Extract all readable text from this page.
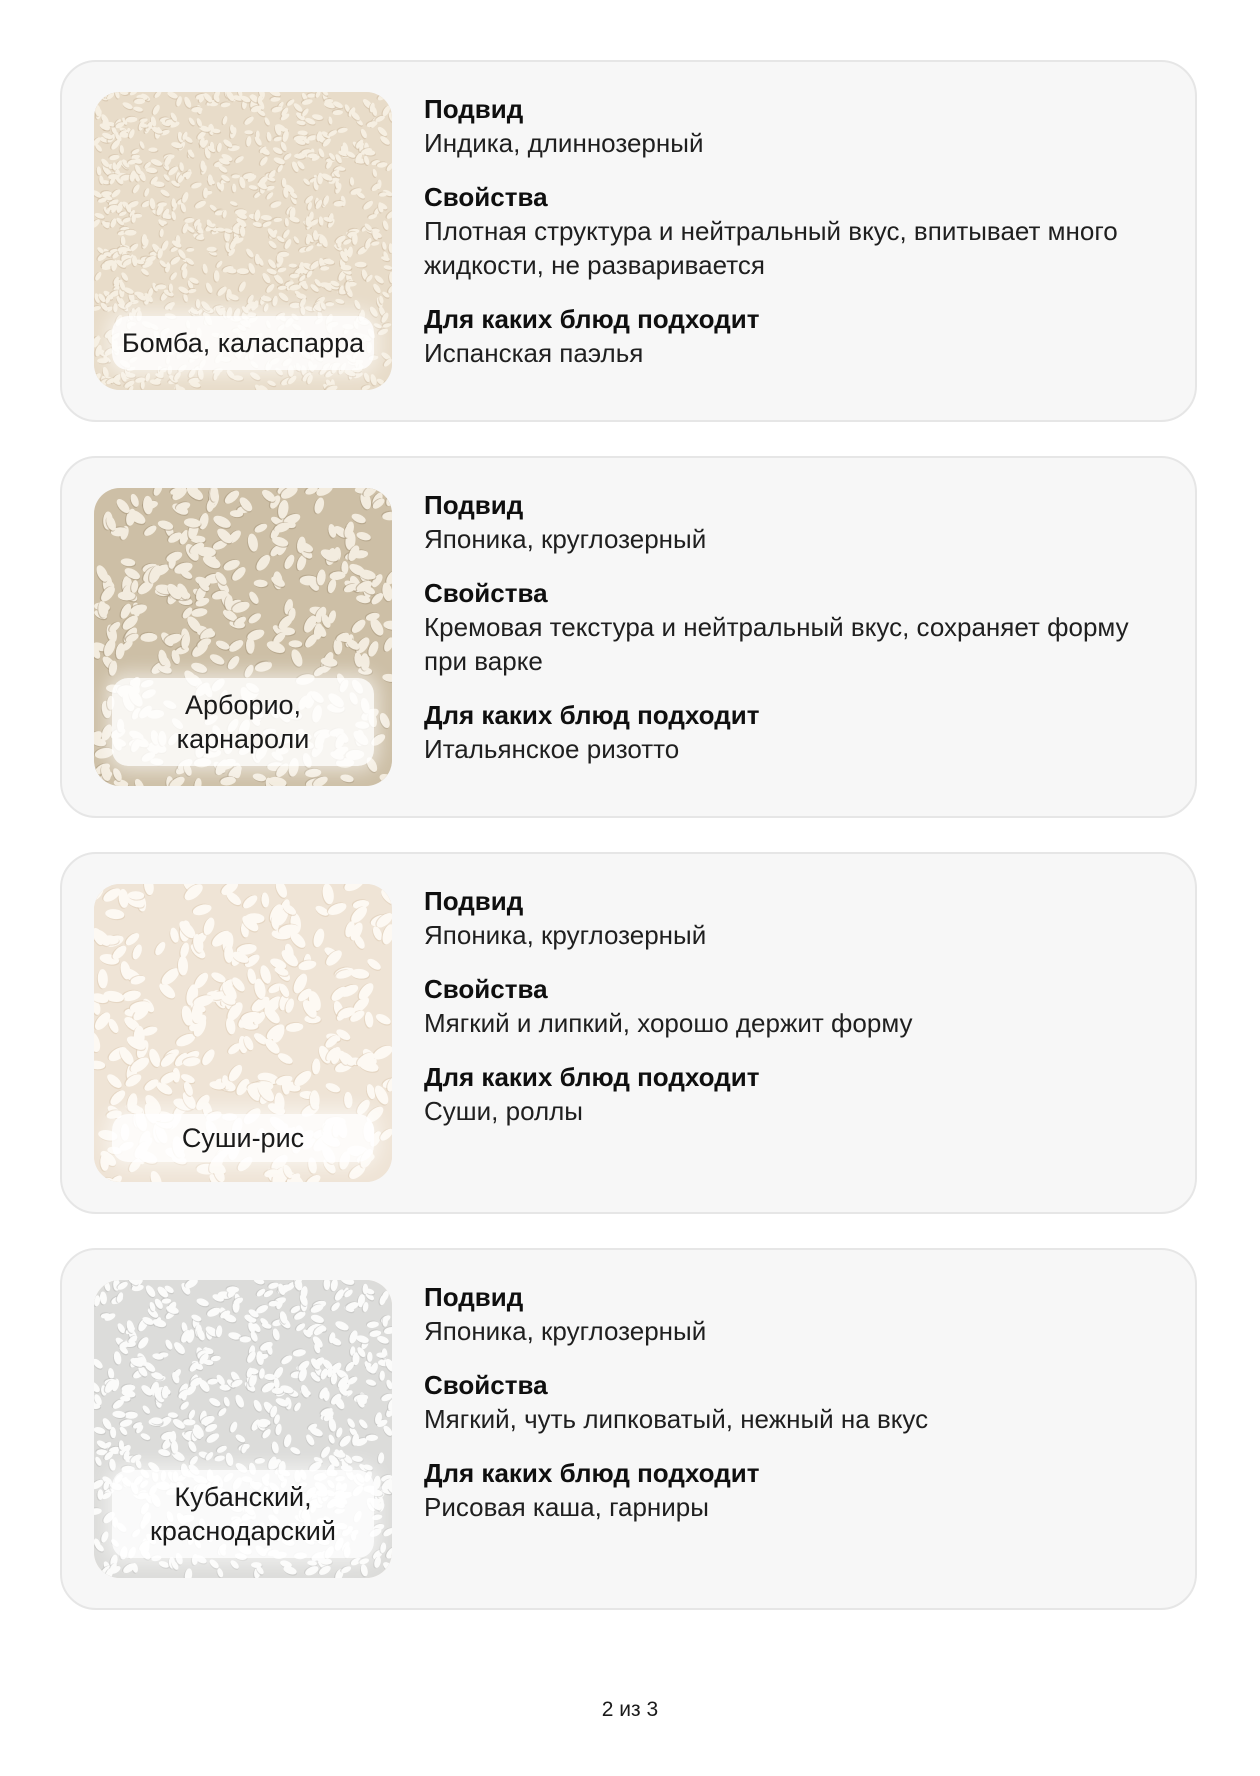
Бомба, каласпарра
Подвид
Индика, длиннозерный
Свойства
Плотная структура и нейтральный вкус, впитывает много жидкости, не разваривается
Для каких блюд подходит
Испанская паэлья
Арборио, карнароли
Подвид
Японика, круглозерный
Свойства
Кремовая текстура и нейтральный вкус, сохраняет форму при варке
Для каких блюд подходит
Итальянское ризотто
Суши-рис
Подвид
Японика, круглозерный
Свойства
Мягкий и липкий, хорошо держит форму
Для каких блюд подходит
Суши, роллы
Кубанский, краснодарский
Подвид
Японика, круглозерный
Свойства
Мягкий, чуть липковатый, нежный на вкус
Для каких блюд подходит
Рисовая каша, гарниры
2 из 3
